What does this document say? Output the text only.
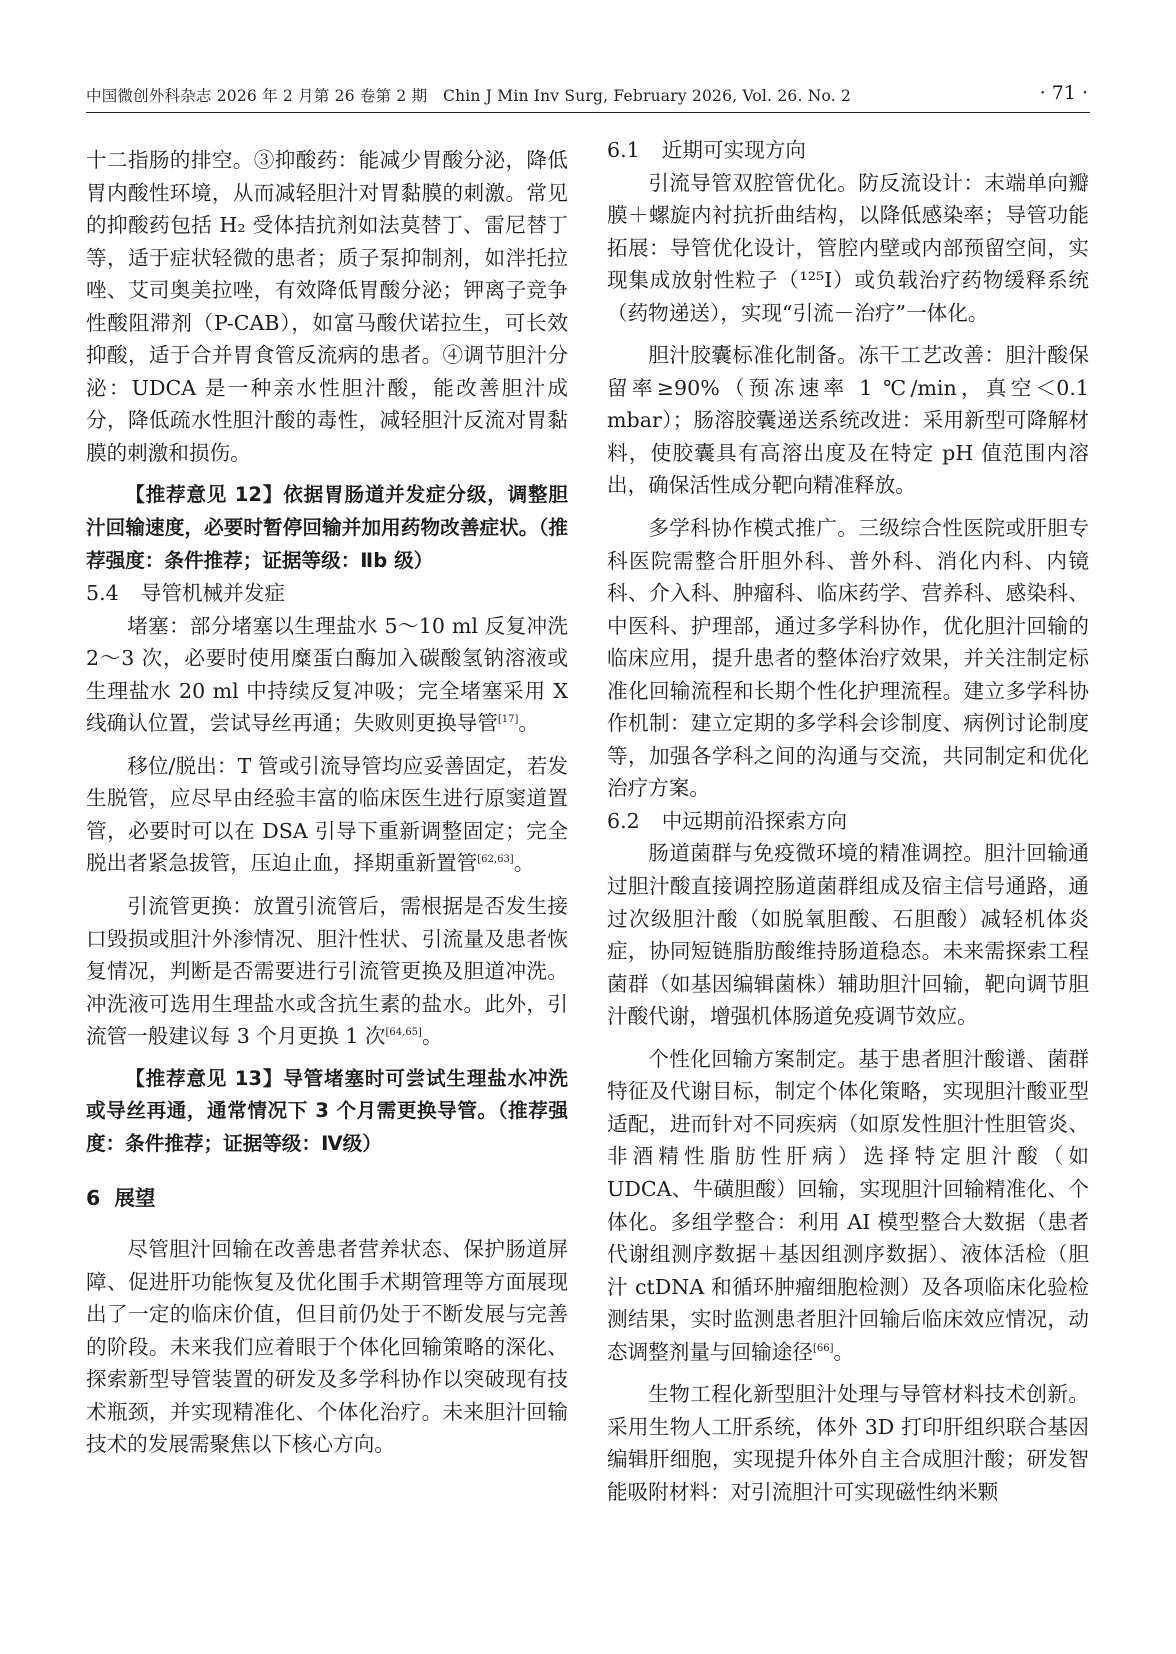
中国微创外科杂志 2026 年 2 月第 26 卷第 2 期　Chin J Min Inv Surg, February 2026, Vol. 26. No. 2	· 71 ·

十二指肠的排空。③抑酸药：能减少胃酸分泌，降低胃内酸性环境，从而减轻胆汁对胃黏膜的刺激。常见的抑酸药包括 H₂ 受体拮抗剂如法莫替丁、雷尼替丁等，适于症状轻微的患者；质子泵抑制剂，如泮托拉唑、艾司奥美拉唑，有效降低胃酸分泌；钾离子竞争性酸阻滞剂（P-CAB），如富马酸伏诺拉生，可长效抑酸，适于合并胃食管反流病的患者。④调节胆汁分泌：UDCA 是一种亲水性胆汁酸，能改善胆汁成分，降低疏水性胆汁酸的毒性，减轻胆汁反流对胃黏膜的刺激和损伤。

【推荐意见 12】依据胃肠道并发症分级，调整胆汁回输速度，必要时暂停回输并加用药物改善症状。（推荐强度：条件推荐；证据等级：Ⅱb 级）

5.4 导管机械并发症

堵塞：部分堵塞以生理盐水 5～10 ml 反复冲洗 2～3 次，必要时使用糜蛋白酶加入碳酸氢钠溶液或生理盐水 20 ml 中持续反复冲吸；完全堵塞采用 X 线确认位置，尝试导丝再通；失败则更换导管[17]。

移位/脱出：T 管或引流导管均应妥善固定，若发生脱管，应尽早由经验丰富的临床医生进行原窦道置管，必要时可以在 DSA 引导下重新调整固定；完全脱出者紧急拔管，压迫止血，择期重新置管[62,63]。

引流管更换：放置引流管后，需根据是否发生接口毁损或胆汁外渗情况、胆汁性状、引流量及患者恢复情况，判断是否需要进行引流管更换及胆道冲洗。冲洗液可选用生理盐水或含抗生素的盐水。此外，引流管一般建议每 3 个月更换 1 次[64,65]。

【推荐意见 13】导管堵塞时可尝试生理盐水冲洗或导丝再通，通常情况下 3 个月需更换导管。（推荐强度：条件推荐；证据等级：Ⅳ级）

6 展望

尽管胆汁回输在改善患者营养状态、保护肠道屏障、促进肝功能恢复及优化围手术期管理等方面展现出了一定的临床价值，但目前仍处于不断发展与完善的阶段。未来我们应着眼于个体化回输策略的深化、探索新型导管装置的研发及多学科协作以突破现有技术瓶颈，并实现精准化、个体化治疗。未来胆汁回输技术的发展需聚焦以下核心方向。

6.1 近期可实现方向

引流导管双腔管优化。防反流设计：末端单向瓣膜＋螺旋内衬抗折曲结构，以降低感染率；导管功能拓展：导管优化设计，管腔内壁或内部预留空间，实现集成放射性粒子（¹²⁵I）或负载治疗药物缓释系统（药物递送），实现“引流－治疗”一体化。

胆汁胶囊标准化制备。冻干工艺改善：胆汁酸保留率≥90%（预冻速率 1 ℃/min，真空＜0.1 mbar）；肠溶胶囊递送系统改进：采用新型可降解材料，使胶囊具有高溶出度及在特定 pH 值范围内溶出，确保活性成分靶向精准释放。

多学科协作模式推广。三级综合性医院或肝胆专科医院需整合肝胆外科、普外科、消化内科、内镜科、介入科、肿瘤科、临床药学、营养科、感染科、中医科、护理部，通过多学科协作，优化胆汁回输的临床应用，提升患者的整体治疗效果，并关注制定标准化回输流程和长期个性化护理流程。建立多学科协作机制：建立定期的多学科会诊制度、病例讨论制度等，加强各学科之间的沟通与交流，共同制定和优化治疗方案。

6.2 中远期前沿探索方向

肠道菌群与免疫微环境的精准调控。胆汁回输通过胆汁酸直接调控肠道菌群组成及宿主信号通路，通过次级胆汁酸（如脱氧胆酸、石胆酸）减轻机体炎症，协同短链脂肪酸维持肠道稳态。未来需探索工程菌群（如基因编辑菌株）辅助胆汁回输，靶向调节胆汁酸代谢，增强机体肠道免疫调节效应。

个性化回输方案制定。基于患者胆汁酸谱、菌群特征及代谢目标，制定个体化策略，实现胆汁酸亚型适配，进而针对不同疾病（如原发性胆汁性胆管炎、非酒精性脂肪性肝病）选择特定胆汁酸（如 UDCA、牛磺胆酸）回输，实现胆汁回输精准化、个体化。多组学整合：利用 AI 模型整合大数据（患者代谢组测序数据＋基因组测序数据）、液体活检（胆汁 ctDNA 和循环肿瘤细胞检测）及各项临床化验检测结果，实时监测患者胆汁回输后临床效应情况，动态调整剂量与回输途径[66]。

生物工程化新型胆汁处理与导管材料技术创新。采用生物人工肝系统，体外 3D 打印肝组织联合基因编辑肝细胞，实现提升体外自主合成胆汁酸；研发智能吸附材料：对引流胆汁可实现磁性纳米颗
